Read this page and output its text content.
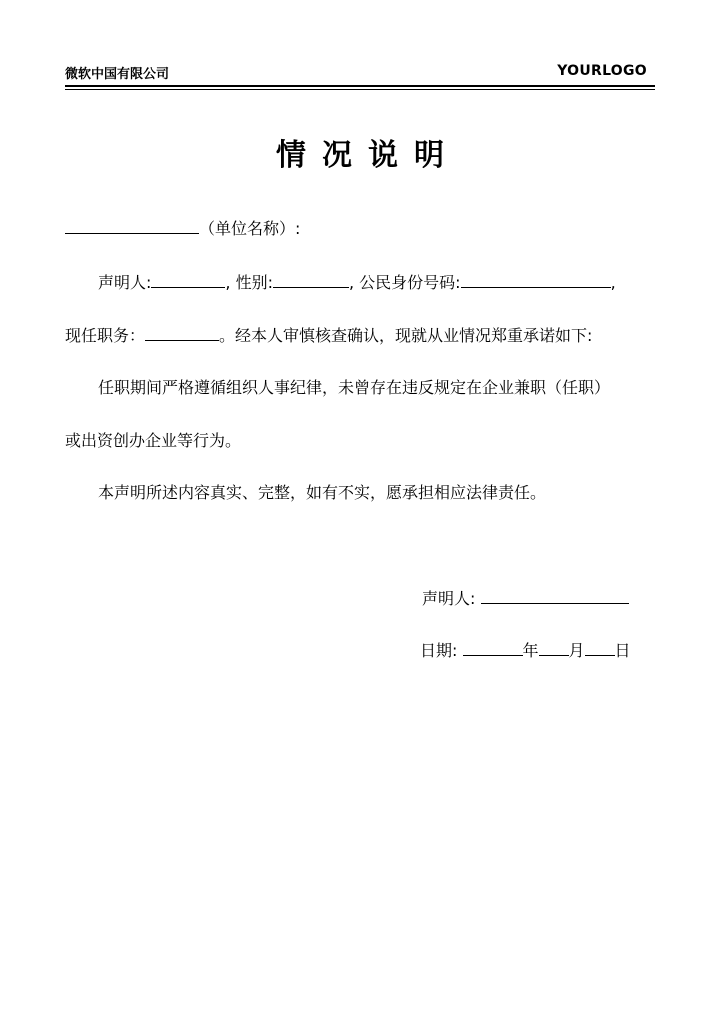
微软中国有限公司	YOURLOGO
情况说明
（单位名称）:
声明人:	, 性别:	, 公民身份号码:	,
现任职务：	。经本人审慎核查确认，现就从业情况郑重承诺如下:
任职期间严格遵循组织人事纪律，未曾存在违反规定在企业兼职（任职）
或出资创办企业等行为。
本声明所述内容真实、完整，如有不实，愿承担相应法律责任。
声明人:
日期:	年 月 日
